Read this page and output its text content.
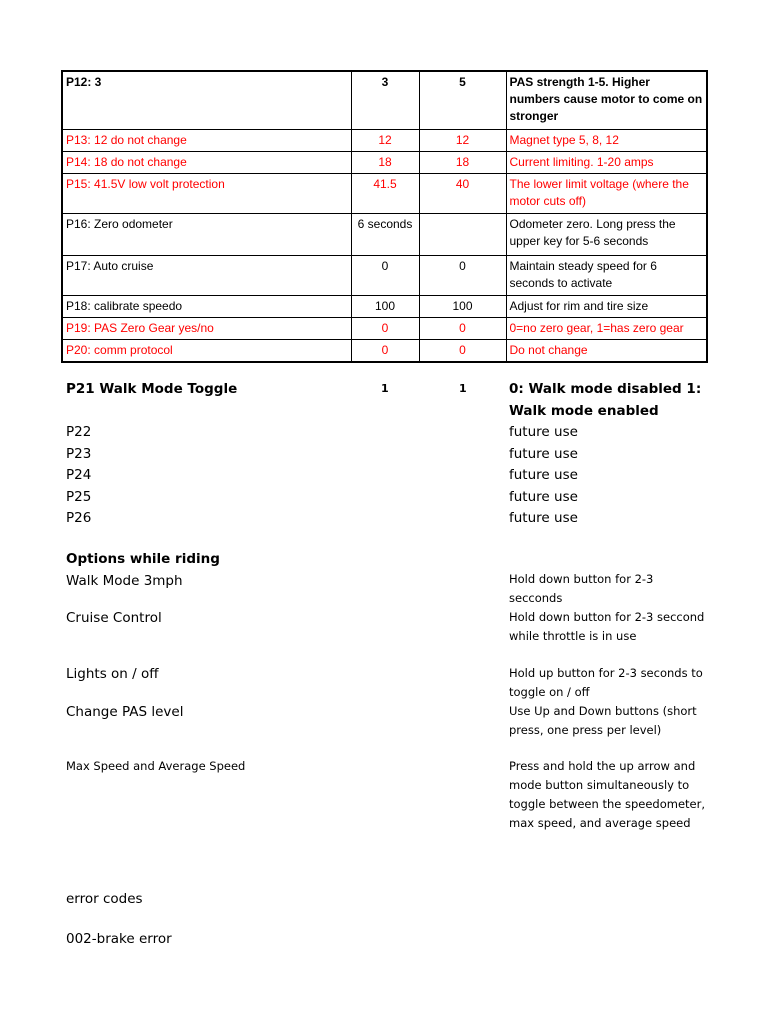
P12: 3	3	5	PAS strength 1-5. Higher numbers cause motor to come on stronger
P13: 12 do not change	12	12	Magnet type 5, 8, 12
P14: 18 do not change	18	18	Current limiting. 1-20 amps
P15: 41.5V low volt protection	41.5	40	The lower limit voltage (where the motor cuts off)
P16: Zero odometer	6 seconds		Odometer zero. Long press the upper key for 5-6 seconds
P17: Auto cruise	0	0	Maintain steady speed for 6 seconds to activate
P18: calibrate speedo	100	100	Adjust for rim and tire size
P19: PAS Zero Gear yes/no	0	0	0=no zero gear, 1=has zero gear
P20: comm protocol	0	0	Do not change
P21 Walk Mode Toggle	1	1	0: Walk mode disabled 1:
Walk mode enabled
P22	future use
P23	future use
P24	future use
P25	future use
P26	future use
Options while riding
Walk Mode 3mph	Hold down button for 2-3 secconds
Cruise Control	Hold down button for 2-3 seccond while throttle is in use
Lights on / off	Hold up button for 2-3 seconds to toggle on / off
Change PAS level	Use Up and Down buttons (short press, one press per level)
Max Speed and Average Speed	Press and hold the up arrow and mode button simultaneously to toggle between the speedometer, max speed, and average speed
error codes
002-brake error
